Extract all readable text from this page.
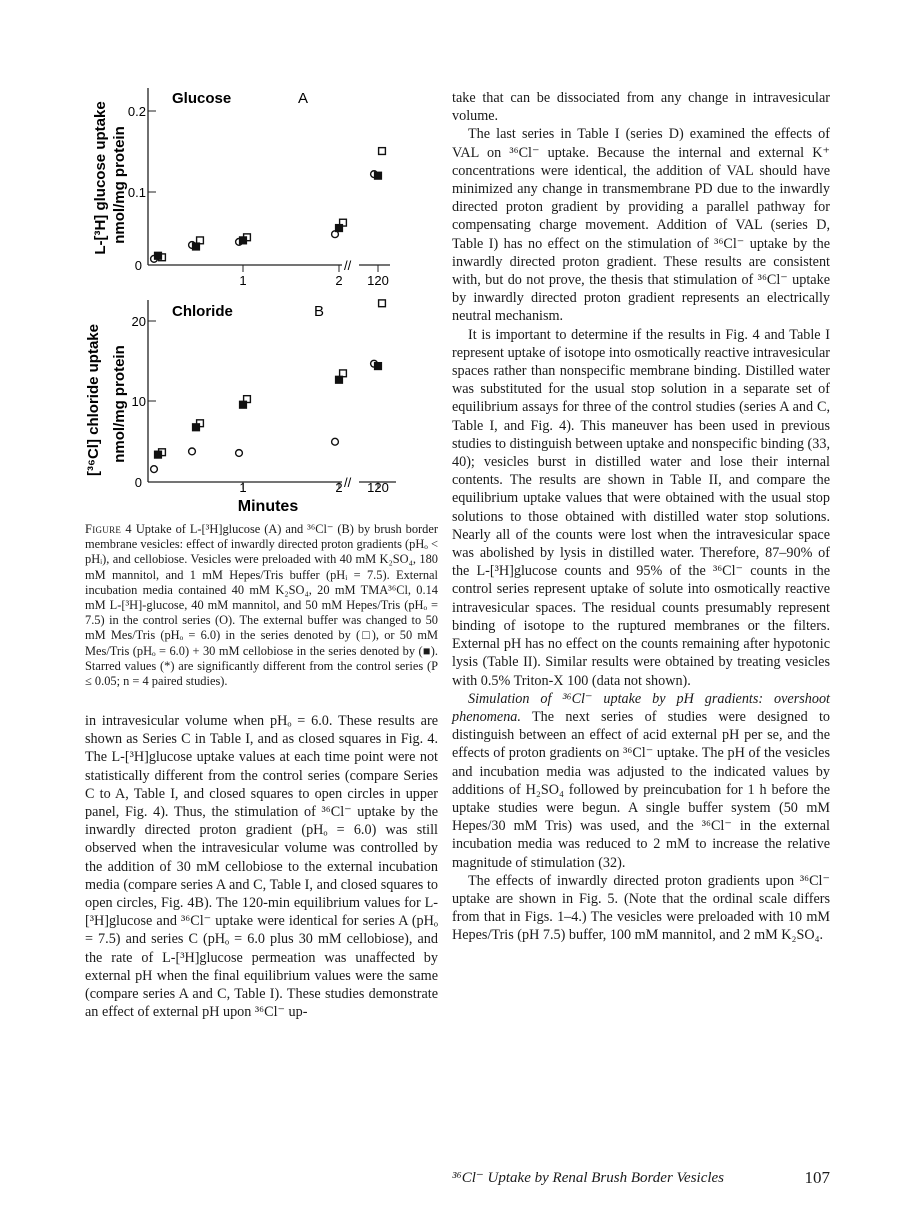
L-[³H] glucose uptake nmol/mg protein
Glucose	A
//
0
0.1
0.2
1	2 120
[³⁶Cl] chloride uptake nmol/mg protein
Chloride	B
//
0
10
20
1	2 120
Minutes
Figure 4 Uptake of L-[³H]glucose (A) and ³⁶Cl⁻ (B) by brush border membrane vesicles: effect of inwardly directed proton gradients (pHₒ < pHᵢ), and cellobiose. Vesicles were preloaded with 40 mM K₂SO₄, 180 mM mannitol, and 1 mM Hepes/Tris buffer (pHᵢ = 7.5). External incubation media contained 40 mM K₂SO₄, 20 mM TMA³⁶Cl, 0.14 mM L-[³H]-glucose, 40 mM mannitol, and 50 mM Hepes/Tris (pHₒ = 7.5) in the control series (O). The external buffer was changed to 50 mM Mes/Tris (pHₒ = 6.0) in the series denoted by (□), or 50 mM Mes/Tris (pHₒ = 6.0) + 30 mM cellobiose in the series denoted by (■). Starred values (*) are significantly different from the control series (P ≤ 0.05; n = 4 paired studies).

in intravesicular volume when pHₒ = 6.0. These results are shown as Series C in Table I, and as closed squares in Fig. 4. The L-[³H]glucose uptake values at each time point were not statistically different from the control series (compare Series C to A, Table I, and closed squares to open circles in upper panel, Fig. 4). Thus, the stimulation of ³⁶Cl⁻ uptake by the inwardly directed proton gradient (pHₒ = 6.0) was still observed when the intravesicular volume was controlled by the addition of 30 mM cellobiose to the external incubation media (compare series A and C, Table I, and closed squares to open circles, Fig. 4B). The 120-min equilibrium values for L-[³H]glucose and ³⁶Cl⁻ uptake were identical for series A (pHₒ = 7.5) and series C (pHₒ = 6.0 plus 30 mM cellobiose), and the rate of L-[³H]glucose permeation was unaffected by external pH when the final equilibrium values were the same (compare series A and C, Table I). These studies demonstrate an effect of external pH upon ³⁶Cl⁻ up-

take that can be dissociated from any change in intravesicular volume.

The last series in Table I (series D) examined the effects of VAL on ³⁶Cl⁻ uptake. Because the internal and external K⁺ concentrations were identical, the addition of VAL should have minimized any change in transmembrane PD due to the inwardly directed proton gradient by providing a parallel pathway for compensating charge movement. Addition of VAL (series D, Table I) has no effect on the stimulation of ³⁶Cl⁻ uptake by the inwardly directed proton gradient. These results are consistent with, but do not prove, the thesis that stimulation of ³⁶Cl⁻ uptake by inwardly directed proton gradient represents an electrically neutral mechanism.

It is important to determine if the results in Fig. 4 and Table I represent uptake of isotope into osmotically reactive intravesicular spaces rather than nonspecific membrane binding. Distilled water was substituted for the usual stop solution in a separate set of equilibrium assays for three of the control studies (series A and C, Table I, and Fig. 4). This maneuver has been used in previous studies to distinguish between uptake and nonspecific binding (33, 40); vesicles burst in distilled water and lose their internal contents. The results are shown in Table II, and compare the equilibrium uptake values that were obtained with the usual stop solutions to those obtained with distilled water stop solutions. Nearly all of the counts were lost when the intravesicular space was abolished by lysis in distilled water. Therefore, 87–90% of the L-[³H]glucose counts and 95% of the ³⁶Cl⁻ counts in the control series represent uptake of solute into osmotically reactive intravesicular spaces. The residual counts presumably represent binding of isotope to the ruptured membranes or the filters. External pH has no effect on the counts remaining after hypotonic lysis (Table II). Similar results were obtained by treating vesicles with 0.5% Triton-X 100 (data not shown).

Simulation of ³⁶Cl⁻ uptake by pH gradients: overshoot phenomena. The next series of studies were designed to distinguish between an effect of acid external pH per se, and the effects of proton gradients on ³⁶Cl⁻ uptake. The pH of the vesicles and incubation media was adjusted to the indicated values by additions of H₂SO₄ followed by preincubation for 1 h before the uptake studies were begun. A single buffer system (50 mM Hepes/30 mM Tris) was used, and the ³⁶Cl⁻ in the external incubation media was reduced to 2 mM to increase the relative magnitude of stimulation (32).

The effects of inwardly directed proton gradients upon ³⁶Cl⁻ uptake are shown in Fig. 5. (Note that the ordinal scale differs from that in Figs. 1–4.) The vesicles were preloaded with 10 mM Hepes/Tris (pH 7.5) buffer, 100 mM mannitol, and 2 mM K₂SO₄.

³⁶Cl⁻ Uptake by Renal Brush Border Vesicles	107
